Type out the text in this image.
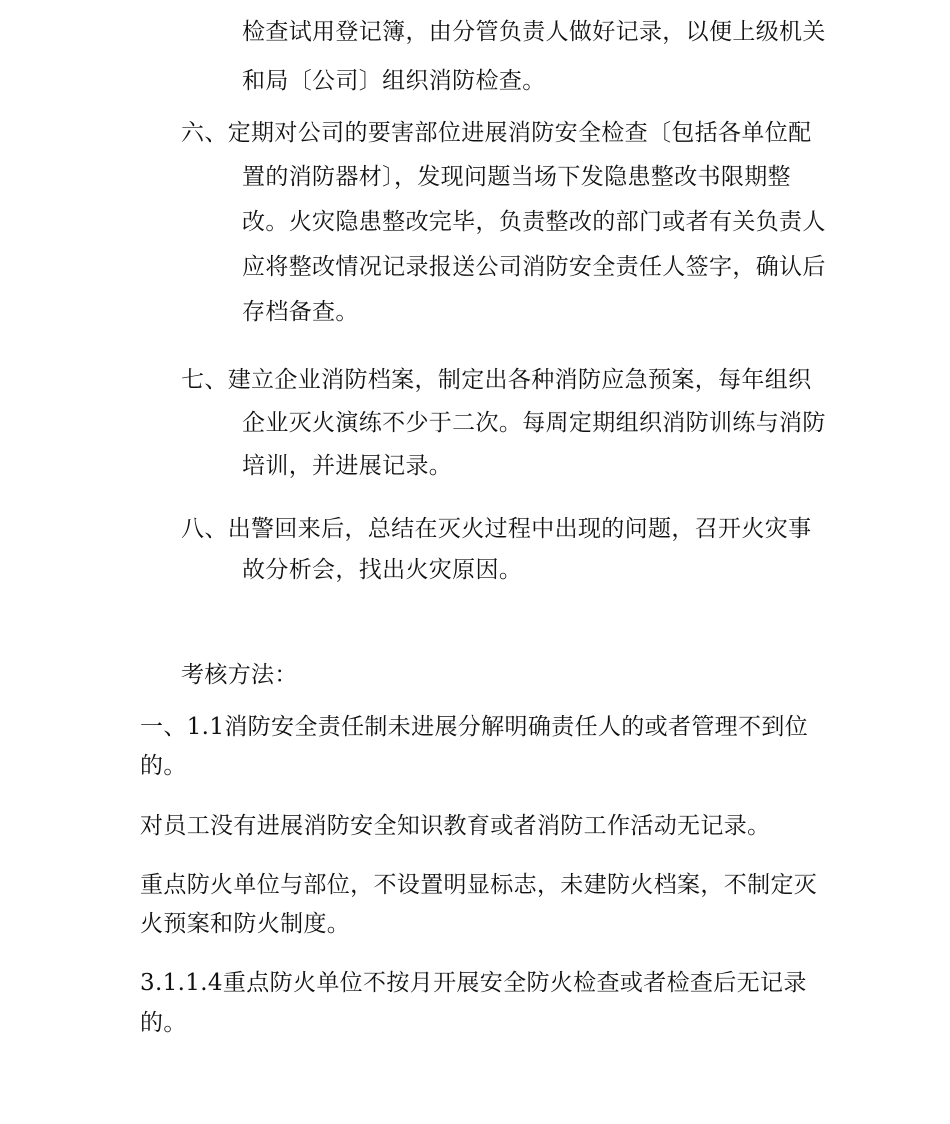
检查试用登记簿，由分管负责人做好记录，以便上级机关
和局〔公司〕组织消防检查。
六、定期对公司的要害部位进展消防安全检查〔包括各单位配
置的消防器材〕，发现问题当场下发隐患整改书限期整
改。火灾隐患整改完毕，负责整改的部门或者有关负责人
应将整改情况记录报送公司消防安全责任人签字，确认后
存档备查。
七、建立企业消防档案，制定出各种消防应急预案，每年组织
企业灭火演练不少于二次。每周定期组织消防训练与消防
培训，并进展记录。
八、出警回来后，总结在灭火过程中出现的问题，召开火灾事
故分析会，找出火灾原因。
考核方法：
一、1.1消防安全责任制未进展分解明确责任人的或者管理不到位
的。
对员工没有进展消防安全知识教育或者消防工作活动无记录。
重点防火单位与部位，不设置明显标志，未建防火档案，不制定灭
火预案和防火制度。
3.1.1.4重点防火单位不按月开展安全防火检查或者检查后无记录
的。
